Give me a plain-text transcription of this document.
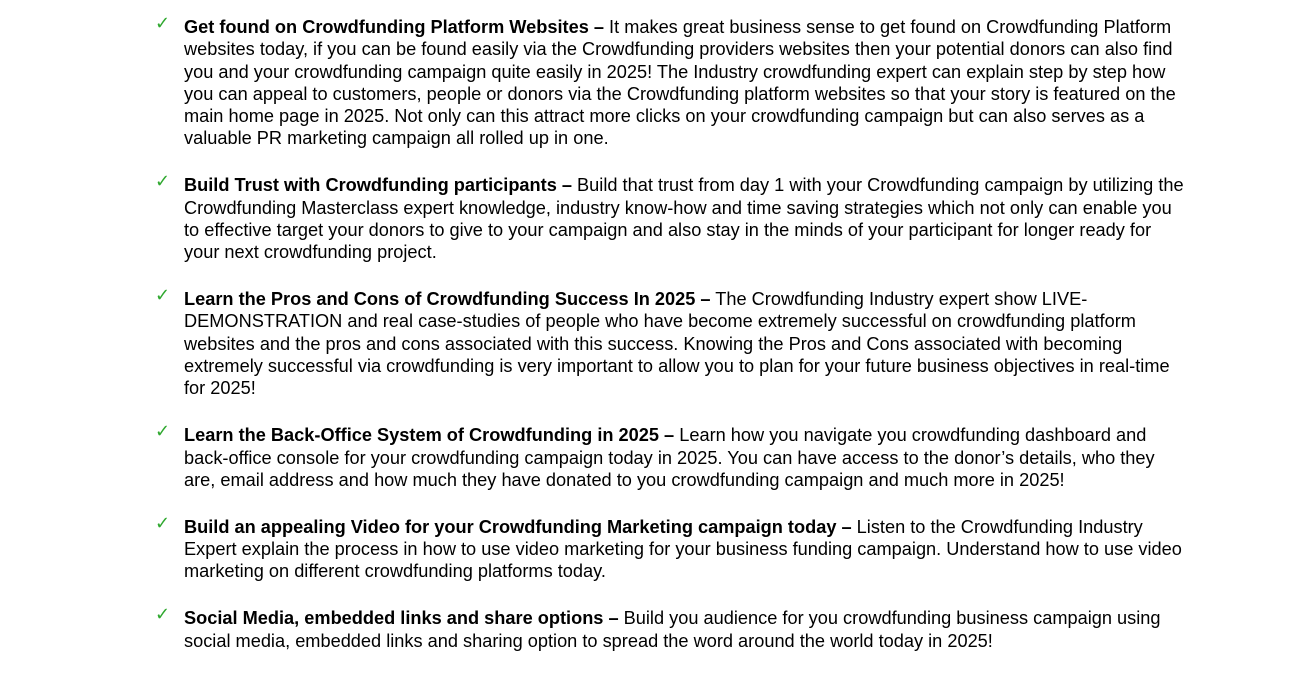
✓ Get found on Crowdfunding Platform Websites – It makes great business sense to get found on Crowdfunding Platform websites today, if you can be found easily via the Crowdfunding providers websites then your potential donors can also find you and your crowdfunding campaign quite easily in 2025! The Industry crowdfunding expert can explain step by step how you can appeal to customers, people or donors via the Crowdfunding platform websites so that your story is featured on the main home page in 2025. Not only can this attract more clicks on your crowdfunding campaign but can also serves as a valuable PR marketing campaign all rolled up in one.
✓ Build Trust with Crowdfunding participants – Build that trust from day 1 with your Crowdfunding campaign by utilizing the Crowdfunding Masterclass expert knowledge, industry know-how and time saving strategies which not only can enable you to effective target your donors to give to your campaign and also stay in the minds of your participant for longer ready for your next crowdfunding project.
✓ Learn the Pros and Cons of Crowdfunding Success In 2025 – The Crowdfunding Industry expert show LIVE-DEMONSTRATION and real case-studies of people who have become extremely successful on crowdfunding platform websites and the pros and cons associated with this success. Knowing the Pros and Cons associated with becoming extremely successful via crowdfunding is very important to allow you to plan for your future business objectives in real-time for 2025!
✓ Learn the Back-Office System of Crowdfunding in 2025 – Learn how you navigate you crowdfunding dashboard and back-office console for your crowdfunding campaign today in 2025. You can have access to the donor’s details, who they are, email address and how much they have donated to you crowdfunding campaign and much more in 2025!
✓ Build an appealing Video for your Crowdfunding Marketing campaign today – Listen to the Crowdfunding Industry Expert explain the process in how to use video marketing for your business funding campaign. Understand how to use video marketing on different crowdfunding platforms today.
✓ Social Media, embedded links and share options – Build you audience for you crowdfunding business campaign using social media, embedded links and sharing option to spread the word around the world today in 2025!
